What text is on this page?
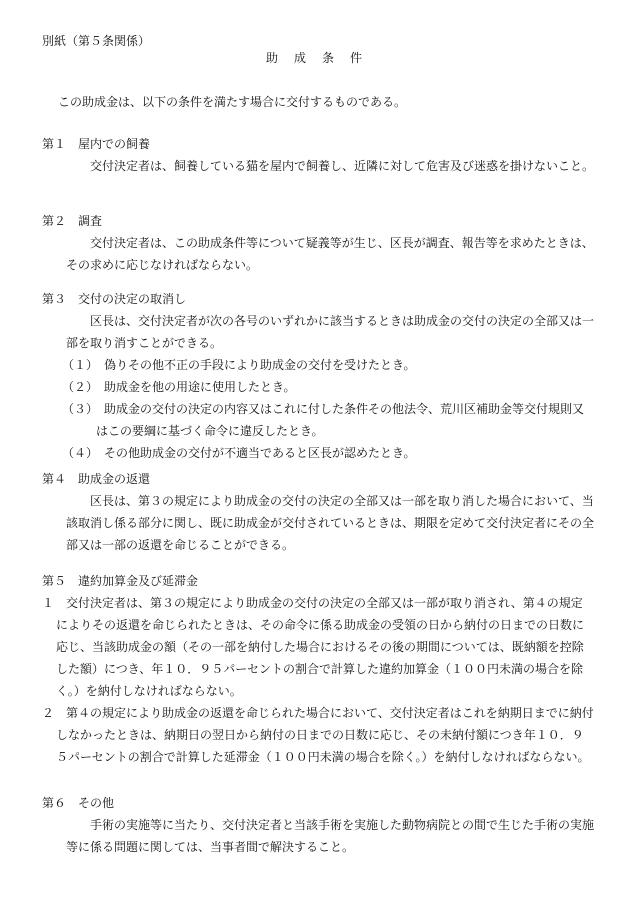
別紙（第５条関係）
助　成　条　件

この助成金は、以下の条件を満たす場合に交付するものである。

第１　屋内での飼養

交付決定者は、飼養している猫を屋内で飼養し、近隣に対して危害及び迷惑を掛けないこと。

第２　調査

交付決定者は、この助成条件等について疑義等が生じ、区長が調査、報告等を求めたときは、その求めに応じなければならない。

第３　交付の決定の取消し

区長は、交付決定者が次の各号のいずれかに該当するときは助成金の交付の決定の全部又は一部を取り消すことができる。

（１）　偽りその他不正の手段により助成金の交付を受けたとき。
（２）　助成金を他の用途に使用したとき。
（３）　助成金の交付の決定の内容又はこれに付した条件その他法令、荒川区補助金等交付規則又はこの要綱に基づく命令に違反したとき。
（４）　その他助成金の交付が不適当であると区長が認めたとき。

第４　助成金の返還

区長は、第３の規定により助成金の交付の決定の全部又は一部を取り消した場合において、当該取消し係る部分に関し、既に助成金が交付されているときは、期限を定めて交付決定者にその全部又は一部の返還を命じることができる。

第５　違約加算金及び延滞金

１　交付決定者は、第３の規定により助成金の交付の決定の全部又は一部が取り消され、第４の規定によりその返還を命じられたときは、その命令に係る助成金の受領の日から納付の日までの日数に応じ、当該助成金の額（その一部を納付した場合におけるその後の期間については、既納額を控除した額）につき、年１０．９５パーセントの割合で計算した違約加算金（１００円未満の場合を除く。）を納付しなければならない。

２　第４の規定により助成金の返還を命じられた場合において、交付決定者はこれを納期日までに納付しなかったときは、納期日の翌日から納付の日までの日数に応じ、その未納付額につき年１０．９５パーセントの割合で計算した延滞金（１００円未満の場合を除く。）を納付しなければならない。

第６　その他

手術の実施等に当たり、交付決定者と当該手術を実施した動物病院との間で生じた手術の実施等に係る問題に関しては、当事者間で解決すること。
